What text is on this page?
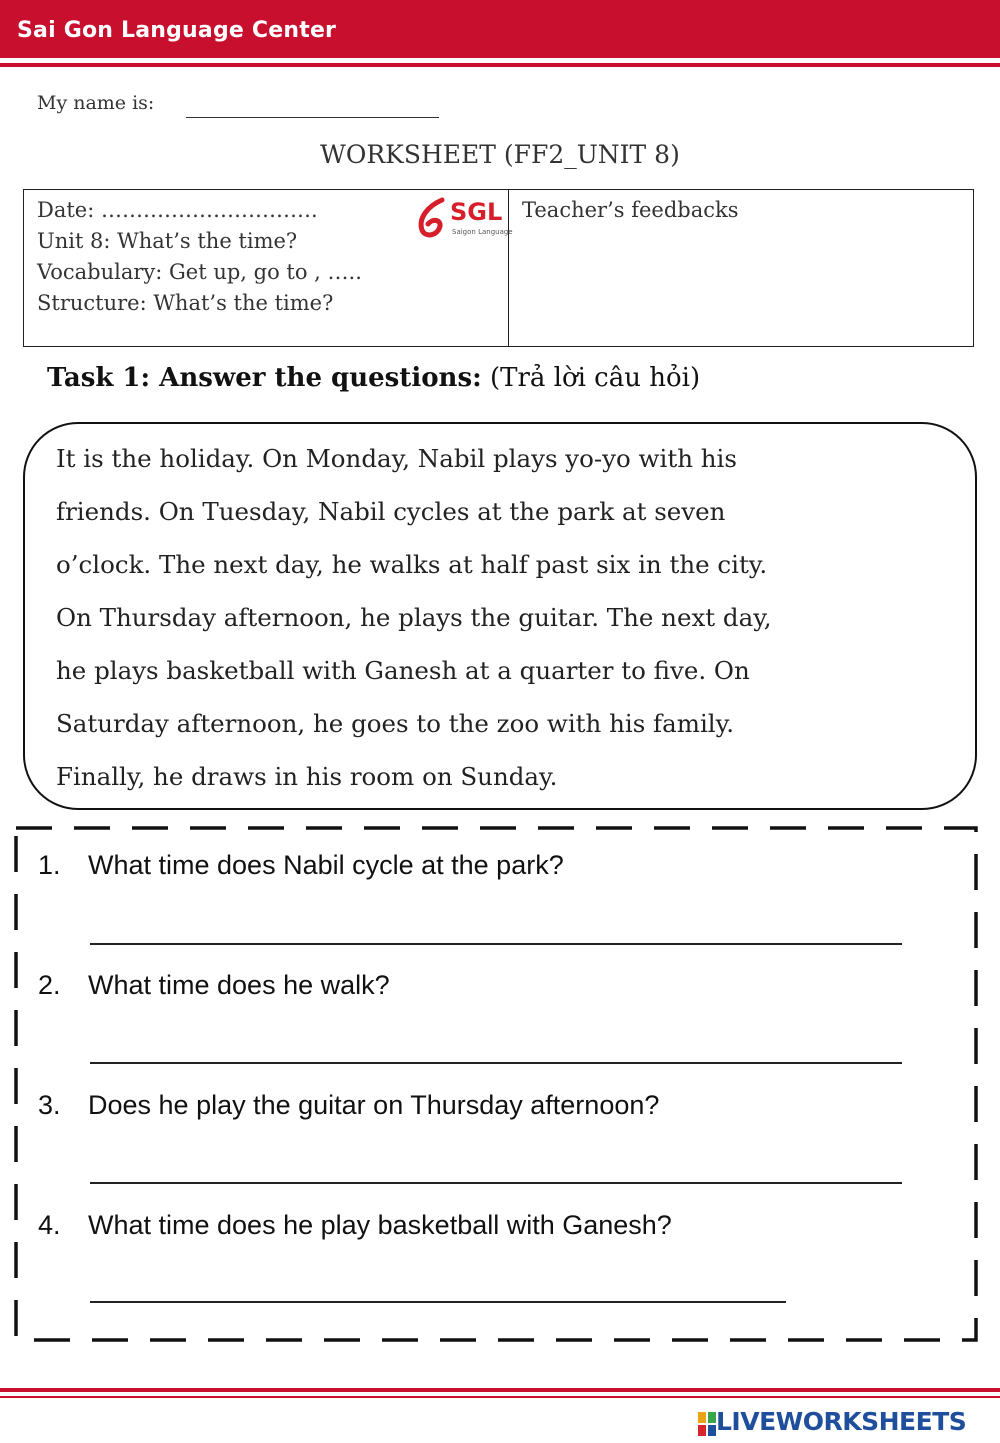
Sai Gon Language Center
My name is:
WORKSHEET (FF2_UNIT 8)
Date: ………………………….
Unit 8: What’s the time?
Vocabulary: Get up, go to , …..
Structure: What’s the time?
SGL
Saigon Language
Teacher’s feedbacks
Task 1: Answer the questions: (Trả lời câu hỏi)
It is the holiday. On Monday, Nabil plays yo-yo with his
friends. On Tuesday, Nabil cycles at the park at seven
o’clock. The next day, he walks at half past six in the city.
On Thursday afternoon, he plays the guitar. The next day,
he plays basketball with Ganesh at a quarter to five. On
Saturday afternoon, he goes to the zoo with his family.
Finally, he draws in his room on Sunday.
1. What time does Nabil cycle at the park?
2. What time does he walk?
3. Does he play the guitar on Thursday afternoon?
4. What time does he play basketball with Ganesh?
LIVEWORKSHEETS
